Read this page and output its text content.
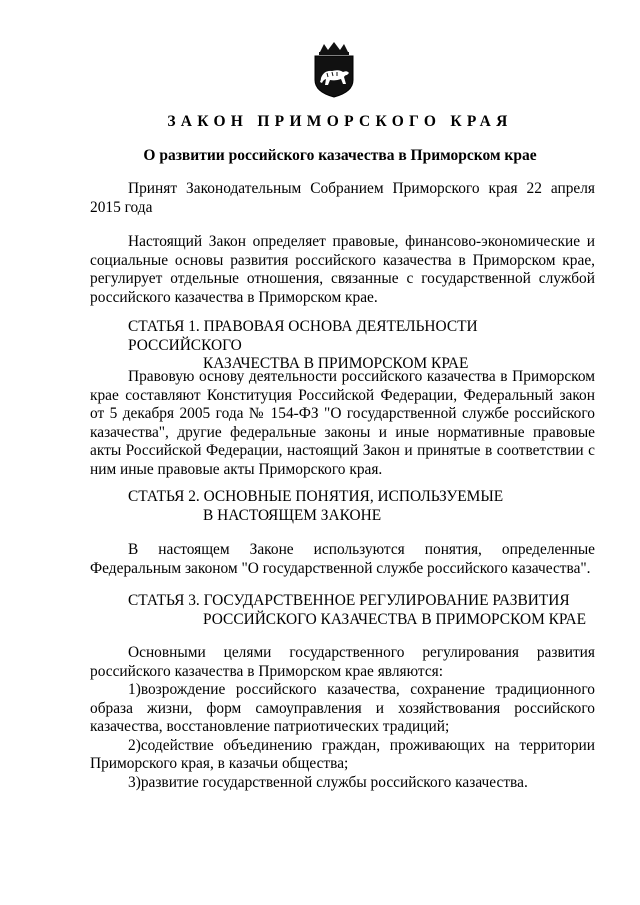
ЗАКОН ПРИМОРСКОГО КРАЯ
О развитии российского казачества в Приморском крае

Принят Законодательным Собранием Приморского края 22 апреля 2015 года

Настоящий Закон определяет правовые, финансово-экономические и социальные основы развития российского казачества в Приморском крае, регулирует отдельные отношения, связанные с государственной службой российского казачества в Приморском крае.

СТАТЬЯ 1. ПРАВОВАЯ ОСНОВА ДЕЯТЕЛЬНОСТИ РОССИЙСКОГО
КАЗАЧЕСТВА В ПРИМОРСКОМ КРАЕ

Правовую основу деятельности российского казачества в Приморском крае составляют Конституция Российской Федерации, Федеральный закон от 5 декабря 2005 года № 154-ФЗ "О государственной службе российского казачества", другие федеральные законы и иные нормативные правовые акты Российской Федерации, настоящий Закон и принятые в соответствии с ним иные правовые акты Приморского края.

СТАТЬЯ 2. ОСНОВНЫЕ ПОНЯТИЯ, ИСПОЛЬЗУЕМЫЕ
В НАСТОЯЩЕМ ЗАКОНЕ

В настоящем Законе используются понятия, определенные Федеральным законом "О государственной службе российского казачества".

СТАТЬЯ 3. ГОСУДАРСТВЕННОЕ РЕГУЛИРОВАНИЕ РАЗВИТИЯ
РОССИЙСКОГО КАЗАЧЕСТВА В ПРИМОРСКОМ КРАЕ

Основными целями государственного регулирования развития российского казачества в Приморском крае являются:

1)возрождение российского казачества, сохранение традиционного образа жизни, форм самоуправления и хозяйствования российского казачества, восстановление патриотических традиций;
2)содействие объединению граждан, проживающих на территории Приморского края, в казачьи общества;
3)развитие государственной службы российского казачества.
